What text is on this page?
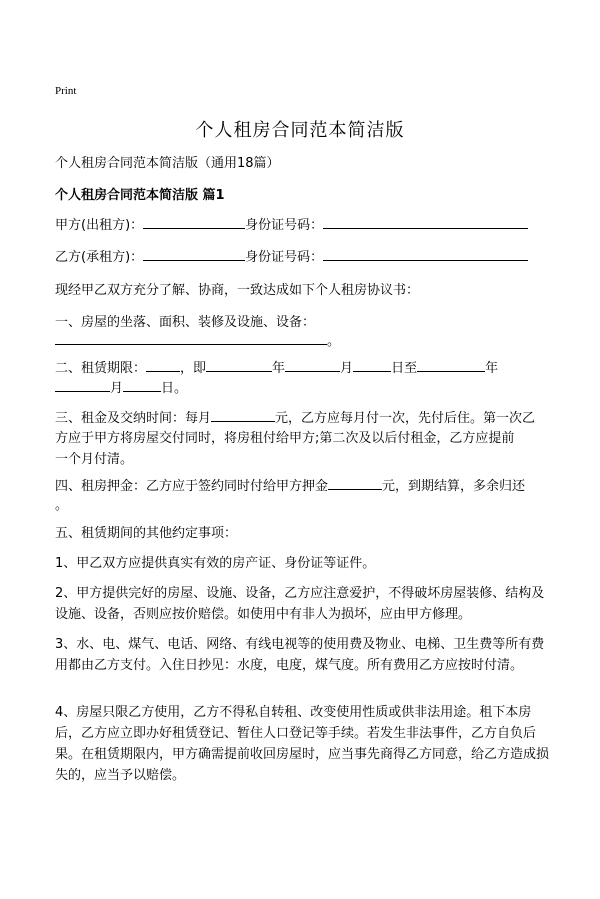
Print
个人租房合同范本简洁版
个人租房合同范本简洁版（通用18篇）
个人租房合同范本简洁版 篇1
甲方(出租方)：	身份证号码：
乙方(承租方)：	身份证号码：
现经甲乙双方充分了解、协商，一致达成如下个人租房协议书：
一、房屋的坐落、面积、装修及设施、设备：
。
二、租赁期限：	，即	年	月	日至	年
月	日。
三、租金及交纳时间：每月	元，乙方应每月付一次，先付后住。第一次乙
方应于甲方将房屋交付同时，将房租付给甲方;第二次及以后付租金，乙方应提前
一个月付清。
四、租房押金：乙方应于签约同时付给甲方押金	元，到期结算，多余归还
。
五、租赁期间的其他约定事项：
1、甲乙双方应提供真实有效的房产证、身份证等证件。
2、甲方提供完好的房屋、设施、设备，乙方应注意爱护，不得破坏房屋装修、结构及设施、设备，否则应按价赔偿。如使用中有非人为损坏，应由甲方修理。
3、水、电、煤气、电话、网络、有线电视等的使用费及物业、电梯、卫生费等所有费用都由乙方支付。入住日抄见：水度，电度，煤气度。所有费用乙方应按时付清。
4、房屋只限乙方使用，乙方不得私自转租、改变使用性质或供非法用途。租下本房后，乙方应立即办好租赁登记、暂住人口登记等手续。若发生非法事件，乙方自负后果。在租赁期限内，甲方确需提前收回房屋时，应当事先商得乙方同意，给乙方造成损失的，应当予以赔偿。
